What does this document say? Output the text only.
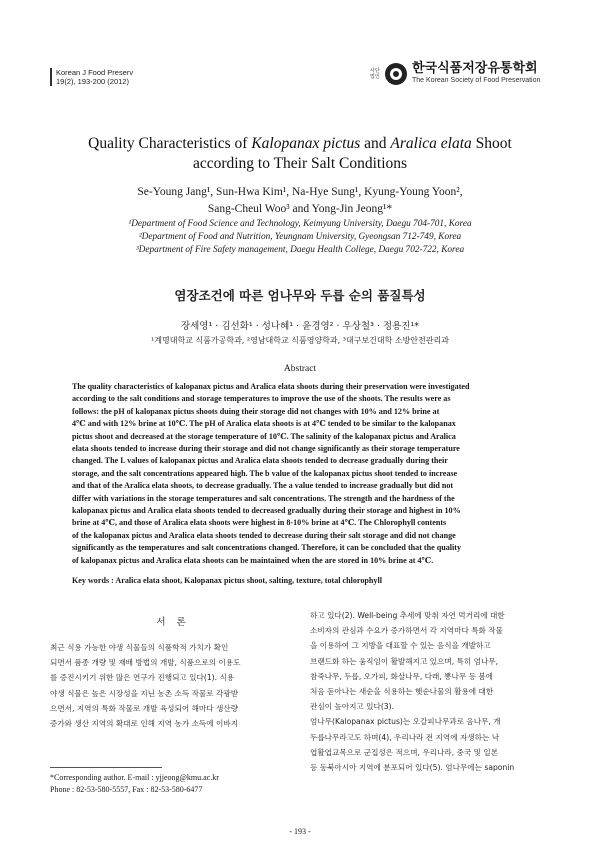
Korean J Food Preserv
19(2), 193-200 (2012)
사단법인
한국식품저장유통학회
The Korean Society of Food Preservation
Quality Characteristics of Kalopanax pictus and Aralica elata Shoot
according to Their Salt Conditions
Se-Young Jang¹, Sun-Hwa Kim¹, Na-Hye Sung¹, Kyung-Young Yoon²,
Sang-Cheul Woo³ and Yong-Jin Jeong¹*
¹Department of Food Science and Technology, Keimyung University, Daegu 704-701, Korea
²Department of Food and Nutrition, Yeungnam University, Gyeongsan 712-749, Korea
³Department of Fire Safety management, Daegu Health College, Daegu 702-722, Korea
염장조건에 따른 엄나무와 두릅 순의 품질특성
장세영¹ · 김선화¹ · 성나혜¹ · 윤경영² · 우상철³ · 정용진¹*
¹계명대학교 식품가공학과, ²영남대학교 식품영양학과, ³대구보건대학 소방안전관리과
Abstract
The quality characteristics of kalopanax pictus and Aralica elata shoots during their preservation were investigated
according to the salt conditions and storage temperatures to improve the use of the shoots. The results were as
follows: the pH of kalopanax pictus shoots duing their storage did not changes with 10% and 12% brine at
4℃ and with 12% brine at 10℃. The pH of Aralica elata shoots is at 4℃ tended to be similar to the kalopanax
pictus shoot and decreased at the storage temperature of 10℃. The salinity of the kalopanax pictus and Aralica
elata shoots tended to increase during their storage and did not change significantly as their storage temperature
changed. The L values of kalopanax pictus and Aralica elata shoots tended to decrease gradually during their
storage, and the salt concentrations appeared high. The b value of the kalopanax pictus shoot tended to increase
and that of the Aralica elata shoots, to decrease gradually. The a value tended to increase gradually but did not
differ with variations in the storage temperatures and salt concentrations. The strength and the hardness of the
kalopanax pictus and Aralica elata shoots tended to decreased gradually during their storage and highest in 10%
brine at 4℃, and those of Aralica elata shoots were highest in 8-10% brine at 4℃. The Chlorophyll contents
of the kalopanax pictus and Aralica elata shoots tended to decrease during their salt storage and did not change
significantly as the temperatures and salt concentrations changed. Therefore, it can be concluded that the quality
of kalopanax pictus and Aralica elata shoots can be maintained when the are stored in 10% brine at 4℃.
Key words : Aralica elata shoot, Kalopanax pictus shoot, salting, texture, total chlorophyll
서 론
최근 식용 가능한 야생 식물들의 식품학적 가치가 확인
되면서 품종 개량 및 재배 방법의 개발, 식품으로의 이용도
를 증진시키기 위한 많은 연구가 진행되고 있다(1). 식용
야생 식물은 높은 시장성을 지닌 농촌 소득 작물로 각광받
으면서, 지역의 특화 작물로 개발 육성되어 해마다 생산량
증가와 생산 지역의 확대로 인해 지역 농가 소득에 이바지
하고 있다(2). Well-being 추세에 맞춰 자연 먹거리에 대한
소비자의 관심과 수요가 증가하면서 각 지역마다 특화 작물
을 이용하여 그 지방을 대표할 수 있는 음식을 개발하고
브랜드화 하는 움직임이 활발해지고 있으며, 특히 엄나무,
참죽나무, 두릅, 오가피, 화살나무, 다래, 뽕나무 등 봄에
처음 돋아나는 새순을 식용하는 햇순나물의 활용에 대한
관심이 높아지고 있다(3).
엄나무(Kalopanax pictus)는 오갈피나무과로 음나무, 개
두릅나무라고도 하며(4), 우리나라 전 지역에 자생하는 낙
엽활엽교목으로 군집성은 적으며, 우리나라, 중국 및 일본
등 동북아시아 지역에 분포되어 있다(5). 엄나무에는 saponin
*Corresponding author. E-mail : yjjeong@kmu.ac.kr
Phone : 82-53-580-5557, Fax : 82-53-580-6477
- 193 -
